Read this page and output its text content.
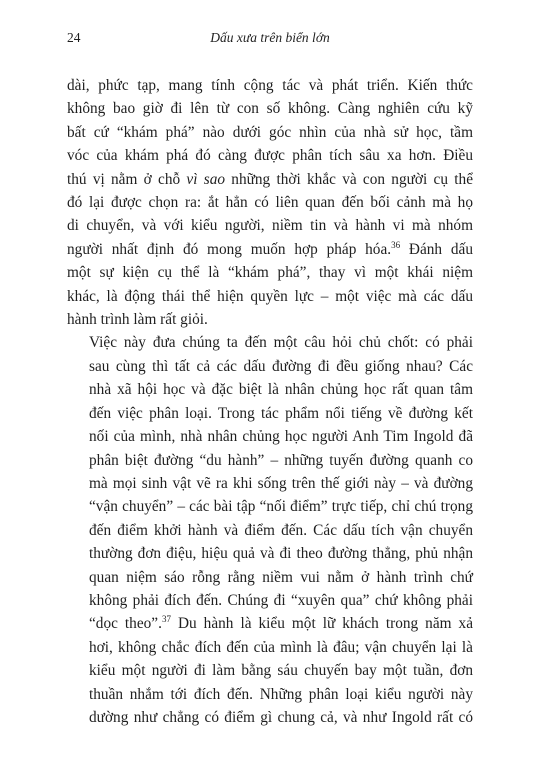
24	Dấu xưa trên biển lớn

dài, phức tạp, mang tính cộng tác và phát triển. Kiến thức
không bao giờ đi lên từ con số không. Càng nghiên cứu kỹ
bất cứ “khám phá” nào dưới góc nhìn của nhà sử học, tầm
vóc của khám phá đó càng được phân tích sâu xa hơn. Điều
thú vị nằm ở chỗ vì sao những thời khắc và con người cụ thể
đó lại được chọn ra: ắt hẳn có liên quan đến bối cảnh mà họ
di chuyển, và với kiểu người, niềm tin và hành vi mà nhóm
người nhất định đó mong muốn hợp pháp hóa.$^{36}$ Đánh dấu
một sự kiện cụ thể là “khám phá”, thay vì một khái niệm
khác, là động thái thể hiện quyền lực – một việc mà các dấu
hành trình làm rất giỏi.

Việc này đưa chúng ta đến một câu hỏi chủ chốt: có phải
sau cùng thì tất cả các dấu đường đi đều giống nhau? Các
nhà xã hội học và đặc biệt là nhân chủng học rất quan tâm
đến việc phân loại. Trong tác phẩm nổi tiếng về đường kết
nối của mình, nhà nhân chủng học người Anh Tim Ingold đã
phân biệt đường “du hành” – những tuyến đường quanh co
mà mọi sinh vật vẽ ra khi sống trên thế giới này – và đường
“vận chuyển” – các bài tập “nối điểm” trực tiếp, chỉ chú trọng
đến điểm khởi hành và điểm đến. Các dấu tích vận chuyển
thường đơn điệu, hiệu quả và đi theo đường thẳng, phủ nhận
quan niệm sáo rỗng rằng niềm vui nằm ở hành trình chứ
không phải đích đến. Chúng đi “xuyên qua” chứ không phải
“dọc theo”.$^{37}$ Du hành là kiểu một lữ khách trong năm xả
hơi, không chắc đích đến của mình là đâu; vận chuyển lại là
kiểu một người đi làm bằng sáu chuyến bay một tuần, đơn
thuần nhắm tới đích đến. Những phân loại kiểu người này
dường như chẳng có điểm gì chung cả, và như Ingold rất có
